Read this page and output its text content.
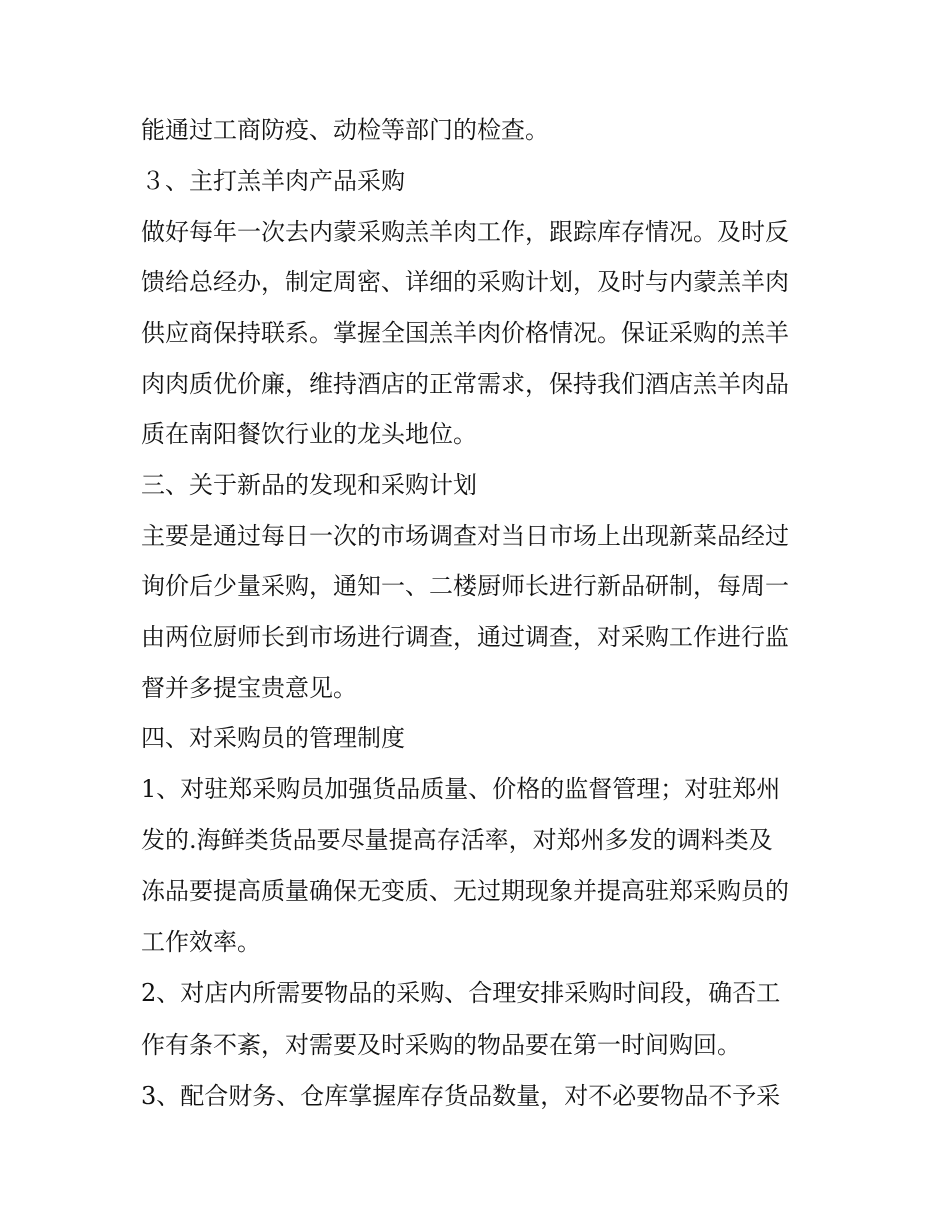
能通过工商防疫、动检等部门的检查。
３、主打羔羊肉产品采购
做好每年一次去内蒙采购羔羊肉工作，跟踪库存情况。及时反
馈给总经办，制定周密、详细的采购计划，及时与内蒙羔羊肉
供应商保持联系。掌握全国羔羊肉价格情况。保证采购的羔羊
肉肉质优价廉，维持酒店的正常需求，保持我们酒店羔羊肉品
质在南阳餐饮行业的龙头地位。
三、关于新品的发现和采购计划
主要是通过每日一次的市场调查对当日市场上出现新菜品经过
询价后少量采购，通知一、二楼厨师长进行新品研制，每周一
由两位厨师长到市场进行调查，通过调查，对采购工作进行监
督并多提宝贵意见。
四、对采购员的管理制度
1、对驻郑采购员加强货品质量、价格的监督管理；对驻郑州
发的.海鲜类货品要尽量提高存活率，对郑州多发的调料类及
冻品要提高质量确保无变质、无过期现象并提高驻郑采购员的
工作效率。
2、对店内所需要物品的采购、合理安排采购时间段，确否工
作有条不紊，对需要及时采购的物品要在第一时间购回。
3、配合财务、仓库掌握库存货品数量，对不必要物品不予采
